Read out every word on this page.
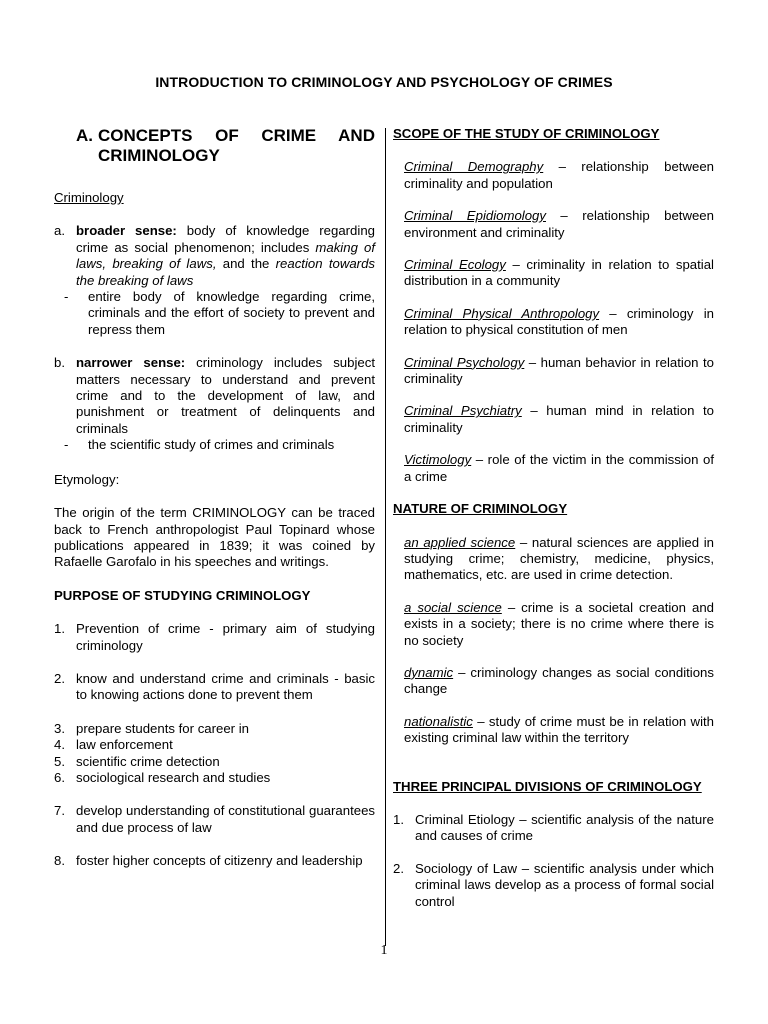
INTRODUCTION TO CRIMINOLOGY AND PSYCHOLOGY OF CRIMES
A. CONCEPTS OF CRIME AND CRIMINOLOGY
Criminology
a. broader sense: body of knowledge regarding crime as social phenomenon; includes making of laws, breaking of laws, and the reaction towards the breaking of laws
-	entire body of knowledge regarding crime, criminals and the effort of society to prevent and repress them
b. narrower sense: criminology includes subject matters necessary to understand and prevent crime and to the development of law, and punishment or treatment of delinquents and criminals
-	the scientific study of crimes and criminals
Etymology:
The origin of the term CRIMINOLOGY can be traced back to French anthropologist Paul Topinard whose publications appeared in 1839; it was coined by Rafaelle Garofalo in his speeches and writings.
PURPOSE OF STUDYING CRIMINOLOGY
1. Prevention of crime - primary aim of studying criminology
2. know and understand crime and criminals - basic to knowing actions done to prevent them
3. prepare students for career in
4. law enforcement
5. scientific crime detection
6. sociological research and studies
7. develop understanding of constitutional guarantees and due process of law
8. foster higher concepts of citizenry and leadership
SCOPE OF THE STUDY OF CRIMINOLOGY
Criminal Demography – relationship between criminality and population
Criminal Epidiomology – relationship between environment and criminality
Criminal Ecology – criminality in relation to spatial distribution in a community
Criminal Physical Anthropology – criminology in relation to physical constitution of men
Criminal Psychology – human behavior in relation to criminality
Criminal Psychiatry – human mind in relation to criminality
Victimology – role of the victim in the commission of a crime
NATURE OF CRIMINOLOGY
an applied science – natural sciences are applied in studying crime; chemistry, medicine, physics, mathematics, etc. are used in crime detection.
a social science – crime is a societal creation and exists in a society; there is no crime where there is no society
dynamic – criminology changes as social conditions change
nationalistic – study of crime must be in relation with existing criminal law within the territory
THREE PRINCIPAL DIVISIONS OF CRIMINOLOGY
1. Criminal Etiology – scientific analysis of the nature and causes of crime
2. Sociology of Law – scientific analysis under which criminal laws develop as a process of formal social control
1
